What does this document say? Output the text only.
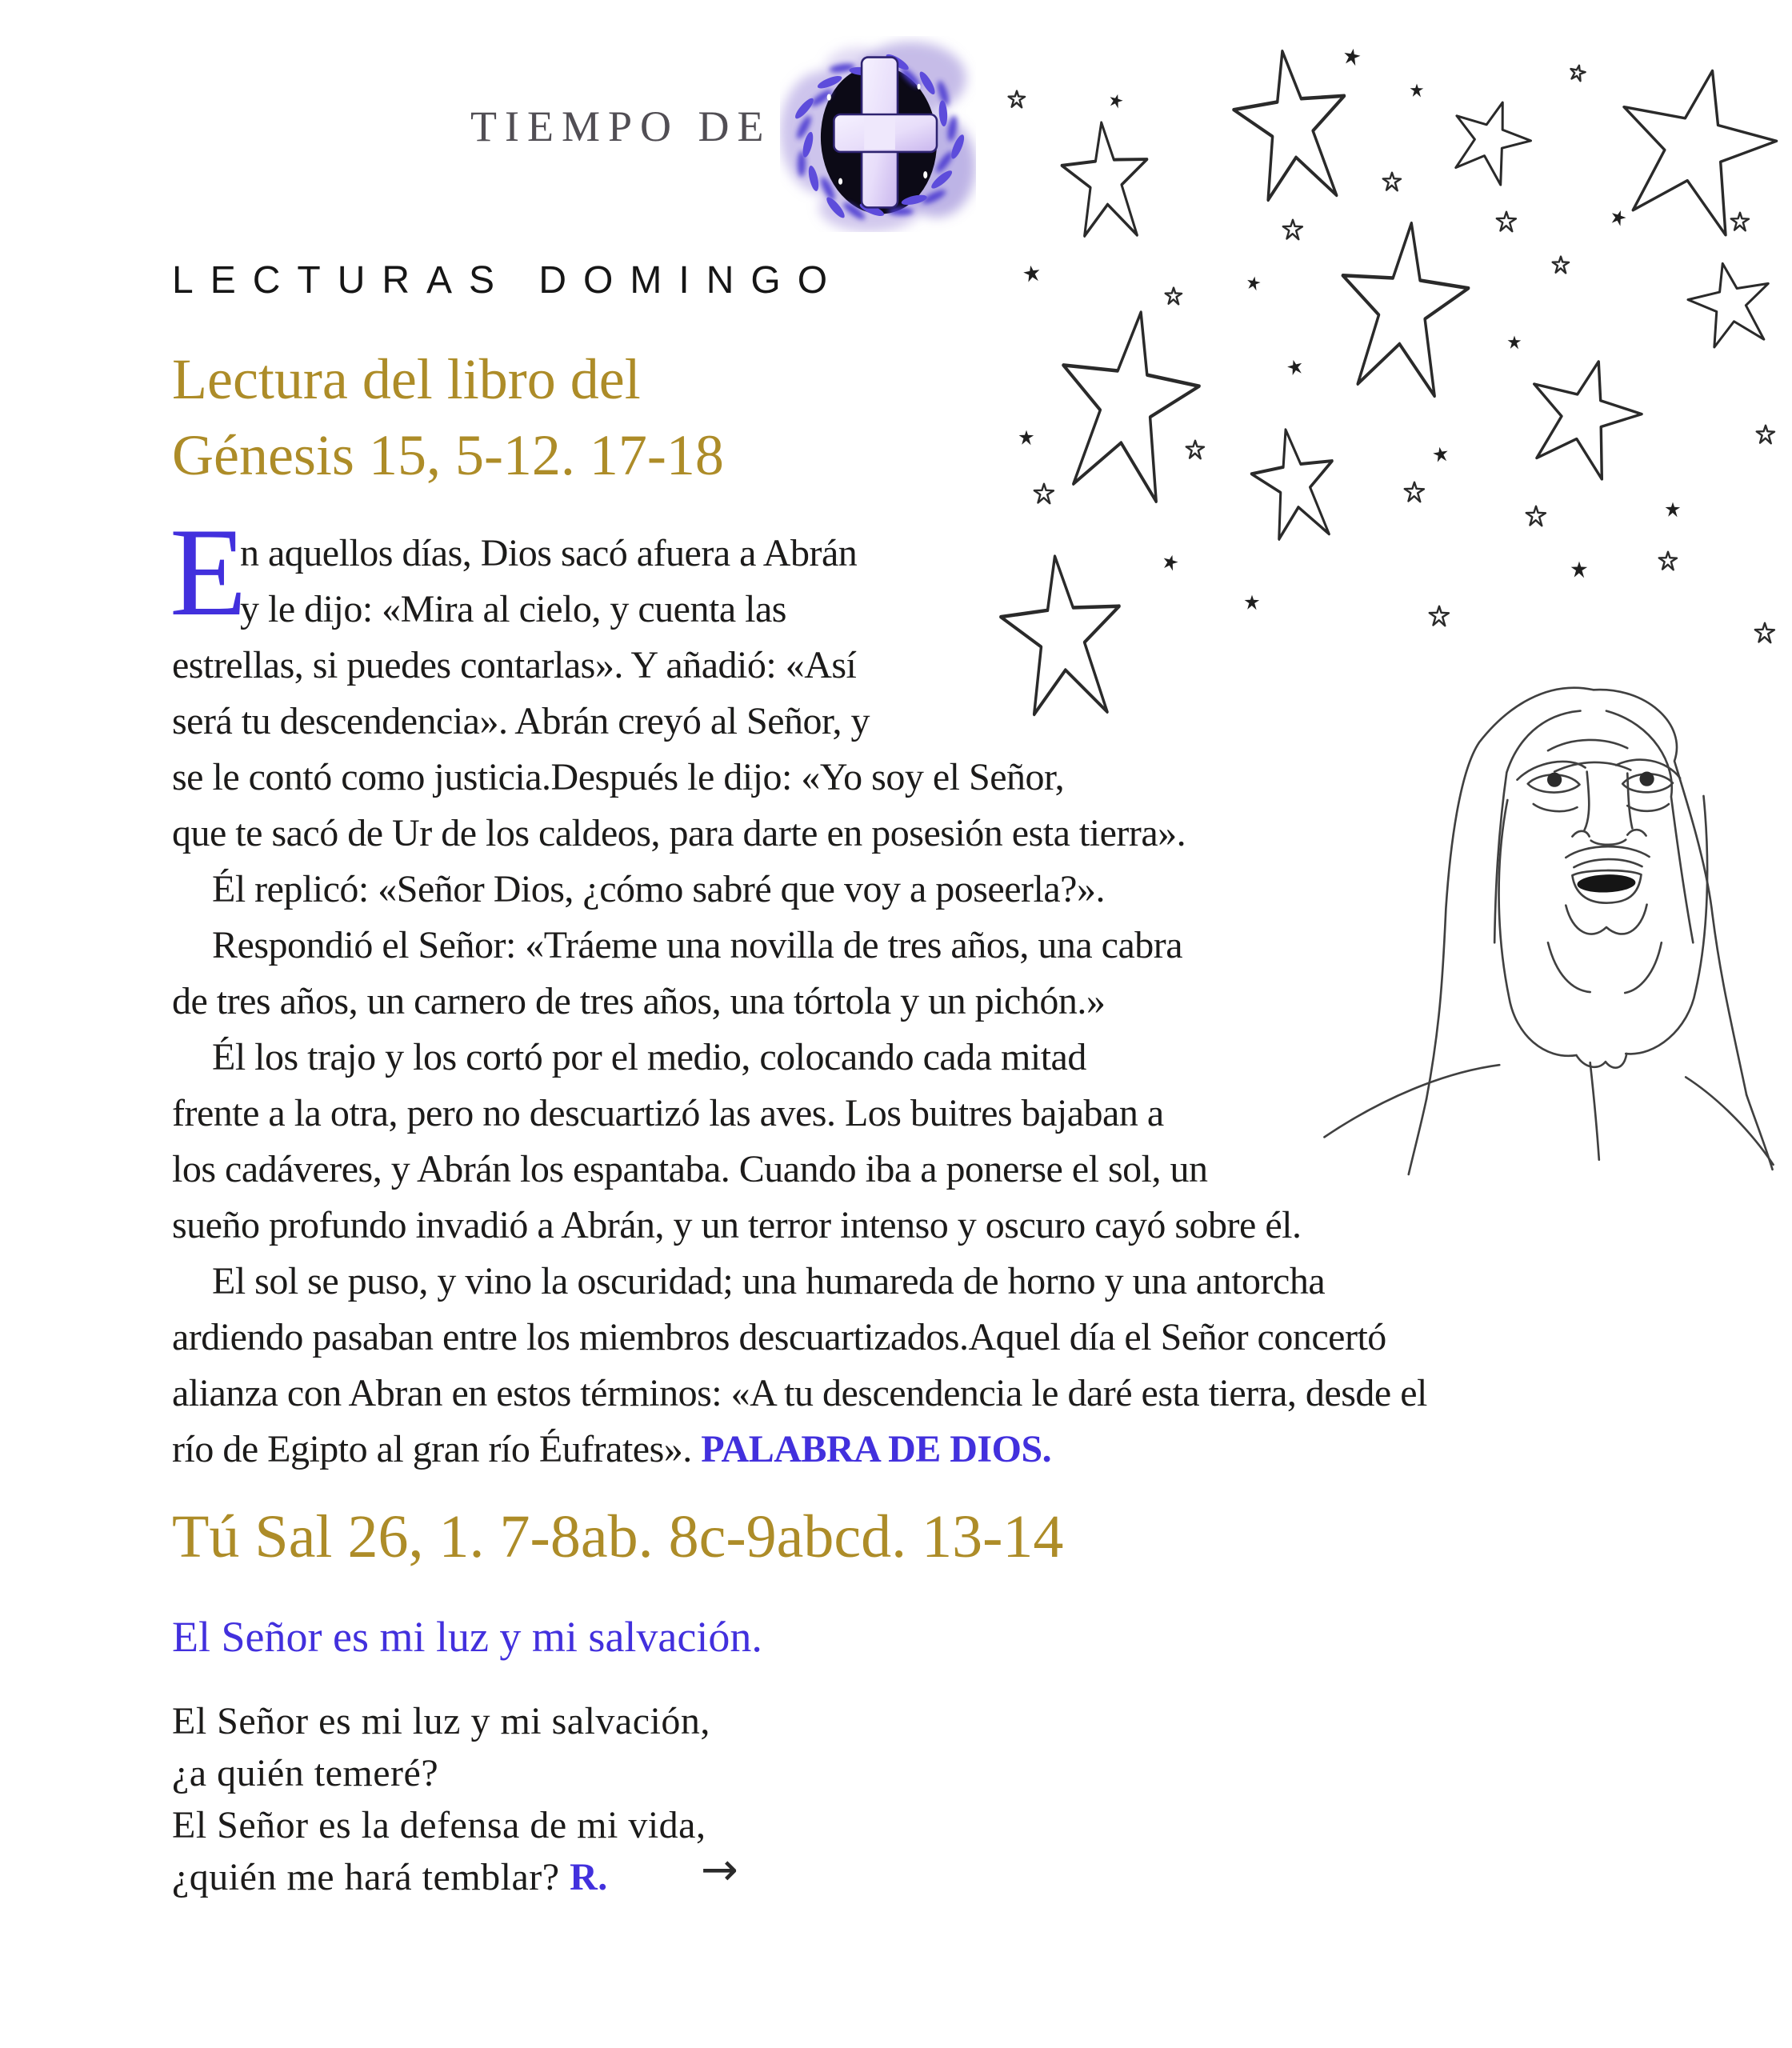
TIEMPO DE
LECTURAS DOMINGO
Lectura del libro del
Génesis 15, 5-12. 17-18
E
n aquellos días, Dios sacó afuera a Abrán
y le dijo: «Mira al cielo, y cuenta las
estrellas, si puedes contarlas». Y añadió: «Así
será tu descendencia». Abrán creyó al Señor, y
se le contó como justicia.Después le dijo: «Yo soy el Señor,
que te sacó de Ur de los caldeos, para darte en posesión esta tierra».
Él replicó: «Señor Dios, ¿cómo sabré que voy a poseerla?».
Respondió el Señor: «Tráeme una novilla de tres años, una cabra
de tres años, un carnero de tres años, una tórtola y un pichón.»
Él los trajo y los cortó por el medio, colocando cada mitad
frente a la otra, pero no descuartizó las aves. Los buitres bajaban a
los cadáveres, y Abrán los espantaba. Cuando iba a ponerse el sol, un
sueño profundo invadió a Abrán, y un terror intenso y oscuro cayó sobre él.
El sol se puso, y vino la oscuridad; una humareda de horno y una antorcha
ardiendo pasaban entre los miembros descuartizados.Aquel día el Señor concertó
alianza con Abran en estos términos: «A tu descendencia le daré esta tierra, desde el
río de Egipto al gran río Éufrates». PALABRA DE DIOS.
Tú Sal 26, 1. 7-8ab. 8c-9abcd. 13-14
El Señor es mi luz y mi salvación.
El Señor es mi luz y mi salvación,
¿a quién temeré?
El Señor es la defensa de mi vida,
¿quién me hará temblar? R.	→
